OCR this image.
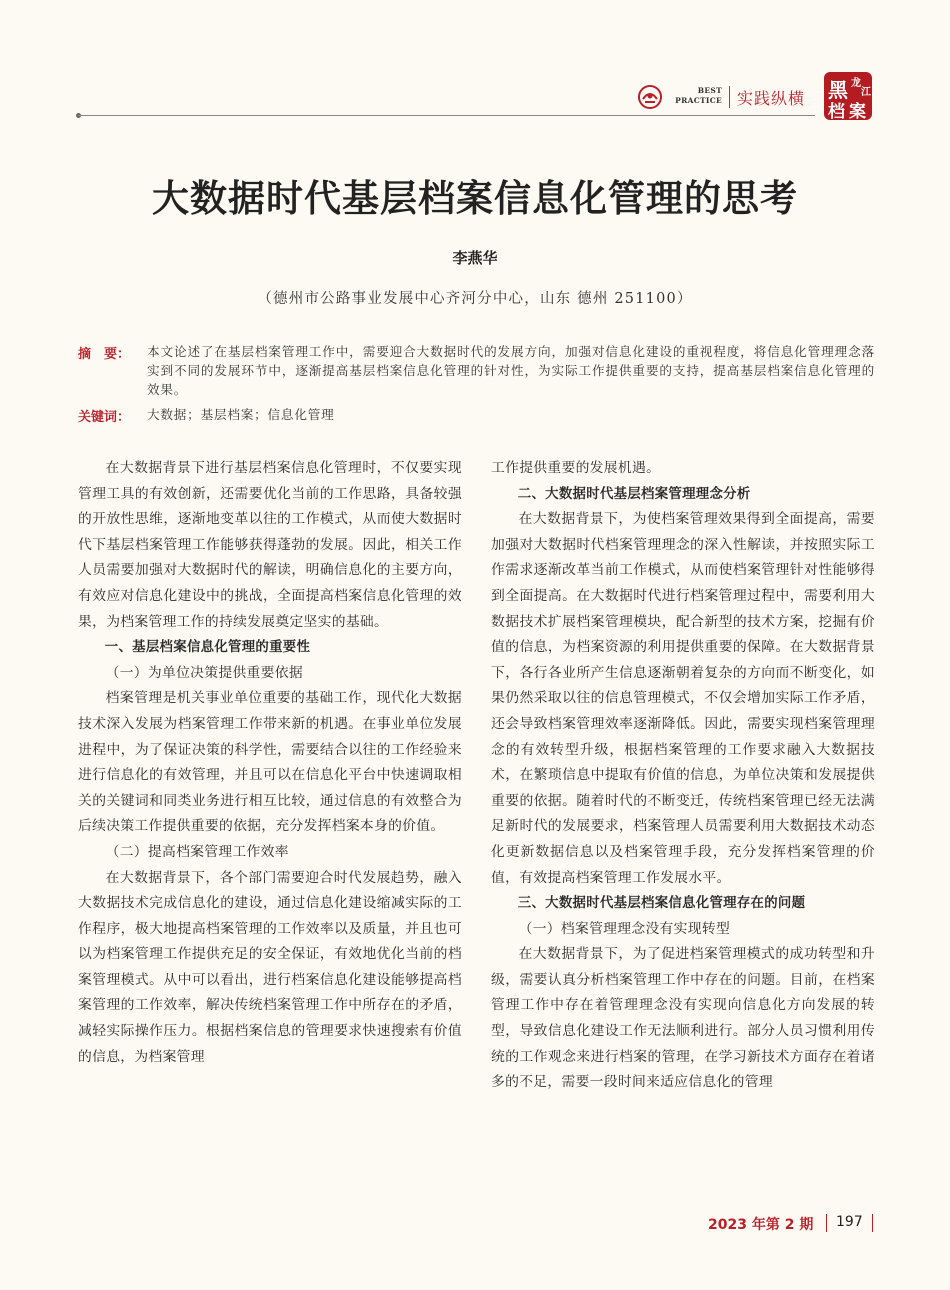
BEST
PRACTICE 实践纵横 黑 龙
江
档 案
大数据时代基层档案信息化管理的思考
李燕华
（德州市公路事业发展中心齐河分中心，山东 德州 251100）
摘　要： 本文论述了在基层档案管理工作中，需要迎合大数据时代的发展方向，加强对信息化建设的重视程度，将信息化管理理念落实到不同的发展环节中，逐渐提高基层档案信息化管理的针对性，为实际工作提供重要的支持，提高基层档案信息化管理的效果。
关键词： 大数据；基层档案；信息化管理

在大数据背景下进行基层档案信息化管理时，不仅要实现管理工具的有效创新，还需要优化当前的工作思路，具备较强的开放性思维，逐渐地变革以往的工作模式，从而使大数据时代下基层档案管理工作能够获得蓬勃的发展。因此，相关工作人员需要加强对大数据时代的解读，明确信息化的主要方向，有效应对信息化建设中的挑战，全面提高档案信息化管理的效果，为档案管理工作的持续发展奠定坚实的基础。

一、基层档案信息化管理的重要性
（一）为单位决策提供重要依据

档案管理是机关事业单位重要的基础工作，现代化大数据技术深入发展为档案管理工作带来新的机遇。在事业单位发展进程中，为了保证决策的科学性，需要结合以往的工作经验来进行信息化的有效管理，并且可以在信息化平台中快速调取相关的关键词和同类业务进行相互比较，通过信息的有效整合为后续决策工作提供重要的依据，充分发挥档案本身的价值。

（二）提高档案管理工作效率

在大数据背景下，各个部门需要迎合时代发展趋势，融入大数据技术完成信息化的建设，通过信息化建设缩减实际的工作程序，极大地提高档案管理的工作效率以及质量，并且也可以为档案管理工作提供充足的安全保证，有效地优化当前的档案管理模式。从中可以看出，进行档案信息化建设能够提高档案管理的工作效率，解决传统档案管理工作中所存在的矛盾，减轻实际操作压力。根据档案信息的管理要求快速搜索有价值的信息，为档案管理

工作提供重要的发展机遇。

二、大数据时代基层档案管理理念分析

在大数据背景下，为使档案管理效果得到全面提高，需要加强对大数据时代档案管理理念的深入性解读，并按照实际工作需求逐渐改革当前工作模式，从而使档案管理针对性能够得到全面提高。在大数据时代进行档案管理过程中，需要利用大数据技术扩展档案管理模块，配合新型的技术方案，挖掘有价值的信息，为档案资源的利用提供重要的保障。在大数据背景下，各行各业所产生信息逐渐朝着复杂的方向而不断变化，如果仍然采取以往的信息管理模式，不仅会增加实际工作矛盾，还会导致档案管理效率逐渐降低。因此，需要实现档案管理理念的有效转型升级，根据档案管理的工作要求融入大数据技术，在繁琐信息中提取有价值的信息，为单位决策和发展提供重要的依据。随着时代的不断变迁，传统档案管理已经无法满足新时代的发展要求，档案管理人员需要利用大数据技术动态化更新数据信息以及档案管理手段，充分发挥档案管理的价值，有效提高档案管理工作发展水平。

三、大数据时代基层档案信息化管理存在的问题
（一）档案管理理念没有实现转型

在大数据背景下，为了促进档案管理模式的成功转型和升级，需要认真分析档案管理工作中存在的问题。目前，在档案管理工作中存在着管理理念没有实现向信息化方向发展的转型，导致信息化建设工作无法顺利进行。部分人员习惯利用传统的工作观念来进行档案的管理，在学习新技术方面存在着诸多的不足，需要一段时间来适应信息化的管理

2023 年第 2 期 197
